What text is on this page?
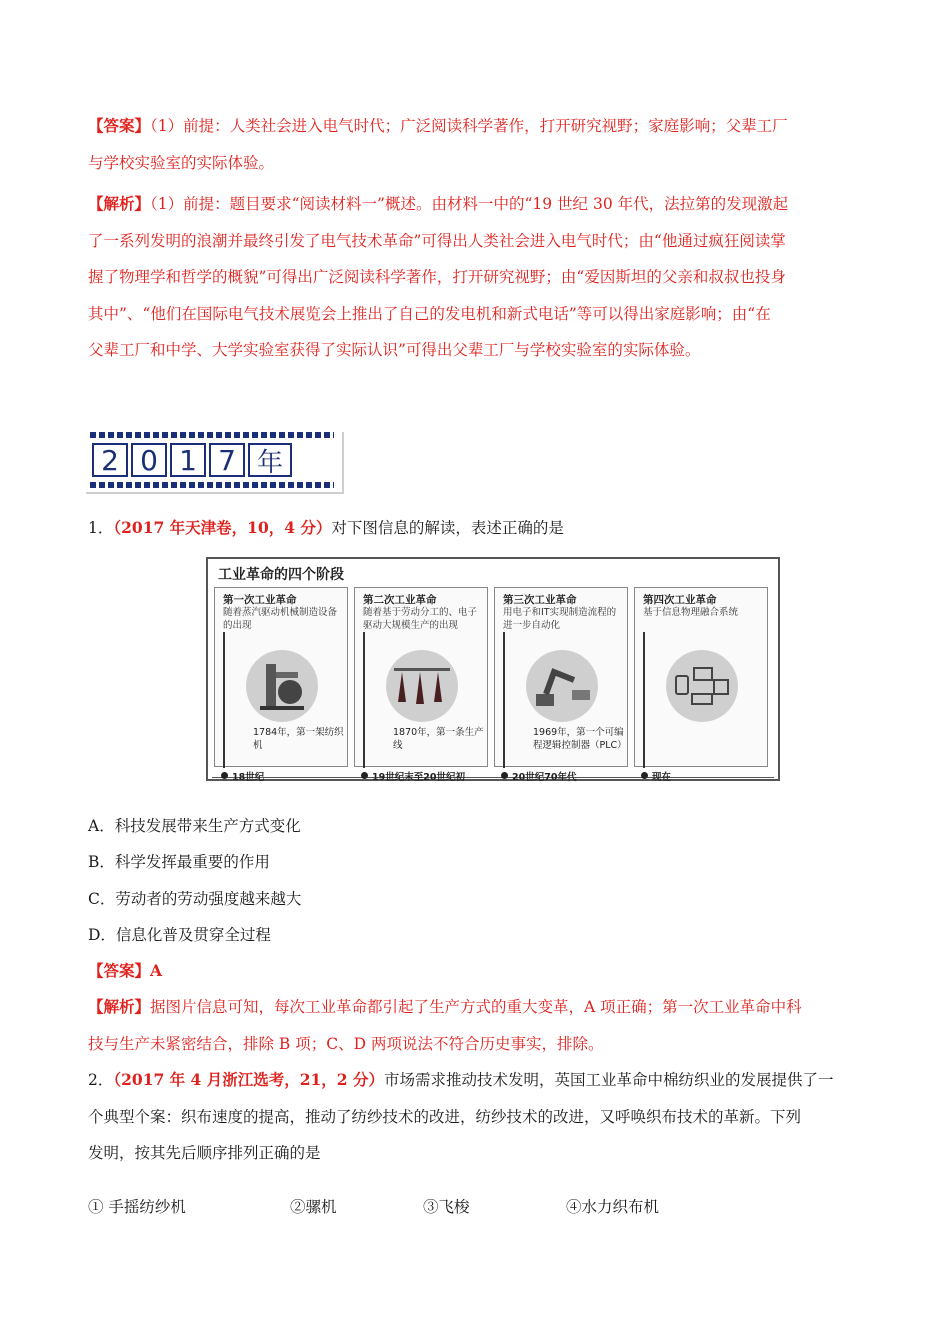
【答案】（1）前提：人类社会进入电气时代；广泛阅读科学著作，打开研究视野；家庭影响；父辈工厂
与学校实验室的实际体验。
【解析】（1）前提：题目要求“阅读材料一”概述。由材料一中的“19 世纪 30 年代，法拉第的发现激起
了一系列发明的浪潮并最终引发了电气技术革命”可得出人类社会进入电气时代；由“他通过疯狂阅读掌
握了物理学和哲学的概貌”可得出广泛阅读科学著作，打开研究视野；由“爱因斯坦的父亲和叔叔也投身
其中”、“他们在国际电气技术展览会上推出了自己的发电机和新式电话”等可以得出家庭影响；由“在
父辈工厂和中学、大学实验室获得了实际认识”可得出父辈工厂与学校实验室的实际体验。
2 0 1 7 年
1．（2017 年天津卷，10，4 分）对下图信息的解读，表述正确的是
工业革命的四个阶段
第一次工业革命
随着蒸汽驱动机械制造设备的出现
1784年，第一架纺织机
第二次工业革命
随着基于劳动分工的、电子驱动大规模生产的出现
1870年，第一条生产线
第三次工业革命
用电子和IT实现制造流程的进一步自动化
1969年，第一个可编程逻辑控制器（PLC）
第四次工业革命
基于信息物理融合系统
18世纪	19世纪末至20世纪初	20世纪70年代	现在
A．科技发展带来生产方式变化
B．科学发挥最重要的作用
C．劳动者的劳动强度越来越大
D．信息化普及贯穿全过程
【答案】A
【解析】据图片信息可知，每次工业革命都引起了生产方式的重大变革，A 项正确；第一次工业革命中科
技与生产未紧密结合，排除 B 项；C、D 两项说法不符合历史事实，排除。
2．（2017 年 4 月浙江选考，21，2 分）市场需求推动技术发明，英国工业革命中棉纺织业的发展提供了一
个典型个案：织布速度的提高，推动了纺纱技术的改进，纺纱技术的改进，又呼唤织布技术的革新。下列
发明，按其先后顺序排列正确的是
① 手摇纺纱机	②骡机	③飞梭	④水力织布机
